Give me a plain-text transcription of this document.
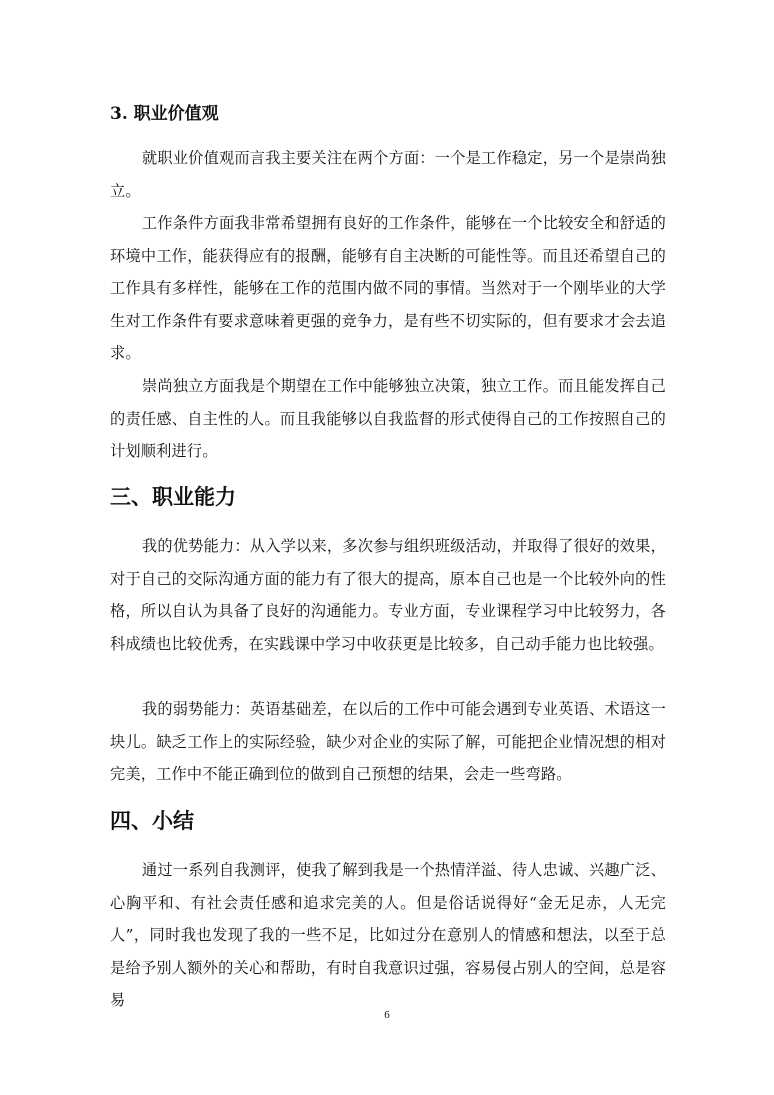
3. 职业价值观

就职业价值观而言我主要关注在两个方面：一个是工作稳定，另一个是崇尚独立。

工作条件方面我非常希望拥有良好的工作条件，能够在一个比较安全和舒适的环境中工作，能获得应有的报酬，能够有自主决断的可能性等。而且还希望自己的工作具有多样性，能够在工作的范围内做不同的事情。当然对于一个刚毕业的大学生对工作条件有要求意味着更强的竞争力，是有些不切实际的，但有要求才会去追求。

崇尚独立方面我是个期望在工作中能够独立决策，独立工作。而且能发挥自己的责任感、自主性的人。而且我能够以自我监督的形式使得自己的工作按照自己的计划顺利进行。

三、职业能力

我的优势能力：从入学以来，多次参与组织班级活动，并取得了很好的效果，对于自己的交际沟通方面的能力有了很大的提高，原本自己也是一个比较外向的性格，所以自认为具备了良好的沟通能力。专业方面，专业课程学习中比较努力，各科成绩也比较优秀，在实践课中学习中收获更是比较多，自己动手能力也比较强。

我的弱势能力：英语基础差，在以后的工作中可能会遇到专业英语、术语这一块儿。缺乏工作上的实际经验，缺少对企业的实际了解，可能把企业情况想的相对完美，工作中不能正确到位的做到自己预想的结果，会走一些弯路。

四、小结

通过一系列自我测评，使我了解到我是一个热情洋溢、待人忠诚、兴趣广泛、心胸平和、有社会责任感和追求完美的人。但是俗话说得好“金无足赤，人无完人”，同时我也发现了我的一些不足，比如过分在意别人的情感和想法，以至于总是给予别人额外的关心和帮助，有时自我意识过强，容易侵占别人的空间，总是容易

6
